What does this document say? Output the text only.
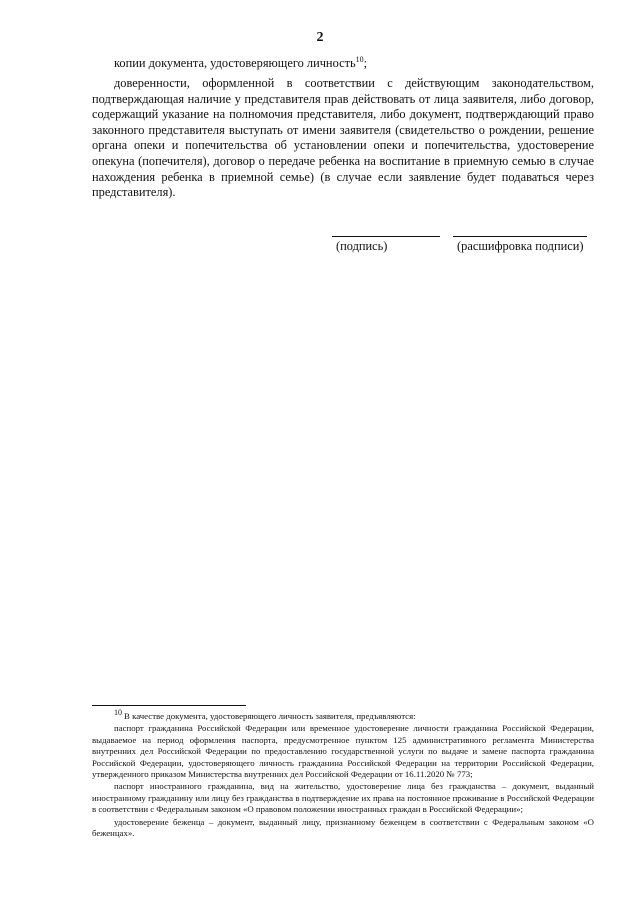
2

копии документа, удостоверяющего личность$^{10}$;

доверенности, оформленной в соответствии с действующим законодательством, подтверждающая наличие у представителя прав действовать от лица заявителя, либо договор, содержащий указание на полномочия представителя, либо документ, подтверждающий право законного представителя выступать от имени заявителя (свидетельство о рождении, решение органа опеки и попечительства об установлении опеки и попечительства, удостоверение опекуна (попечителя), договор о передаче ребенка на воспитание в приемную семью в случае нахождения ребенка в приемной семье) (в случае если заявление будет подаваться через представителя).

(подпись)	(расшифровка подписи)

10 В качестве документа, удостоверяющего личность заявителя, предъявляются:

паспорт гражданина Российской Федерации или временное удостоверение личности гражданина Российской Федерации, выдаваемое на период оформления паспорта, предусмотренное пунктом 125 административного регламента Министерства внутренних дел Российской Федерации по предоставлению государственной услуги по выдаче и замене паспорта гражданина Российской Федерации, удостоверяющего личность гражданина Российской Федерации на территории Российской Федерации, утвержденного приказом Министерства внутренних дел Российской Федерации от 16.11.2020 № 773;

паспорт иностранного гражданина, вид на жительство, удостоверение лица без гражданства – документ, выданный иностранному гражданину или лицу без гражданства в подтверждение их права на постоянное проживание в Российской Федерации в соответствии с Федеральным законом «О правовом положении иностранных граждан в Российской Федерации»;

удостоверение беженца – документ, выданный лицу, признанному беженцем в соответствии с Федеральным законом «О беженцах».
